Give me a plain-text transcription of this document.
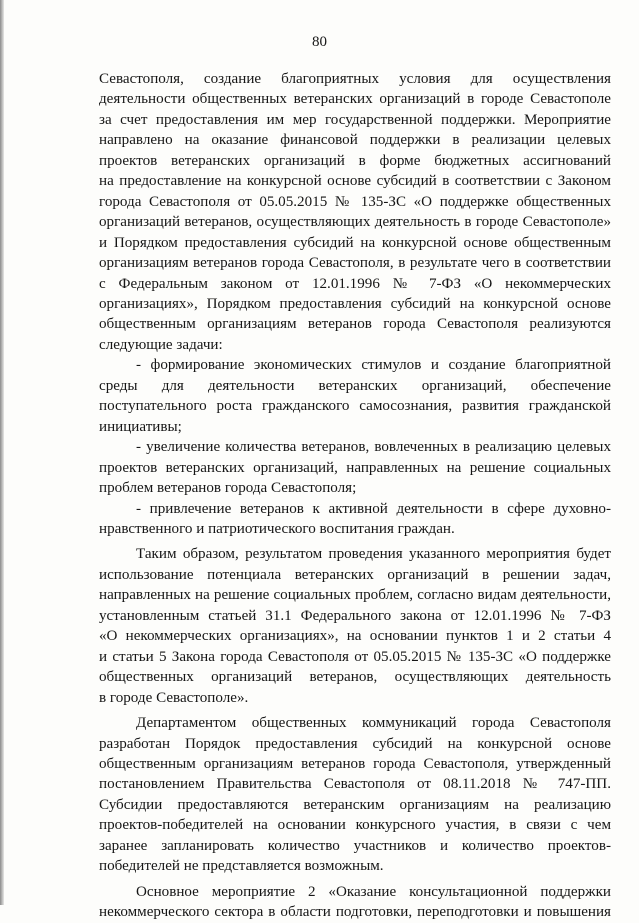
80
Севастополя, создание благоприятных условия для осуществления
деятельности общественных ветеранских организаций в городе Севастополе
за счет предоставления им мер государственной поддержки. Мероприятие
направлено на оказание финансовой поддержки в реализации целевых
проектов ветеранских организаций в форме бюджетных ассигнований
на предоставление на конкурсной основе субсидий в соответствии с Законом
города Севастополя от 05.05.2015 № 135-ЗС «О поддержке общественных
организаций ветеранов, осуществляющих деятельность в городе Севастополе»
и Порядком предоставления субсидий на конкурсной основе общественным
организациям ветеранов города Севастополя, в результате чего в соответствии
с Федеральным законом от 12.01.1996 № 7-ФЗ «О некоммерческих
организациях», Порядком предоставления субсидий на конкурсной основе
общественным организациям ветеранов города Севастополя реализуются
следующие задачи:
- формирование экономических стимулов и создание благоприятной
среды для деятельности ветеранских организаций, обеспечение
поступательного роста гражданского самосознания, развития гражданской
инициативы;
- увеличение количества ветеранов, вовлеченных в реализацию целевых
проектов ветеранских организаций, направленных на решение социальных
проблем ветеранов города Севастополя;
- привлечение ветеранов к активной деятельности в сфере духовно-
нравственного и патриотического воспитания граждан.
Таким образом, результатом проведения указанного мероприятия будет
использование потенциала ветеранских организаций в решении задач,
направленных на решение социальных проблем, согласно видам деятельности,
установленным статьей 31.1 Федерального закона от 12.01.1996 № 7-ФЗ
«О некоммерческих организациях», на основании пунктов 1 и 2 статьи 4
и статьи 5 Закона города Севастополя от 05.05.2015 № 135-ЗС «О поддержке
общественных организаций ветеранов, осуществляющих деятельность
в городе Севастополе».
Департаментом общественных коммуникаций города Севастополя
разработан Порядок предоставления субсидий на конкурсной основе
общественным организациям ветеранов города Севастополя, утвержденный
постановлением Правительства Севастополя от 08.11.2018 № 747-ПП.
Субсидии предоставляются ветеранским организациям на реализацию
проектов-победителей на основании конкурсного участия, в связи с чем
заранее запланировать количество участников и количество проектов-
победителей не представляется возможным.
Основное мероприятие 2 «Оказание консультационной поддержки
некоммерческого сектора в области подготовки, переподготовки и повышения
